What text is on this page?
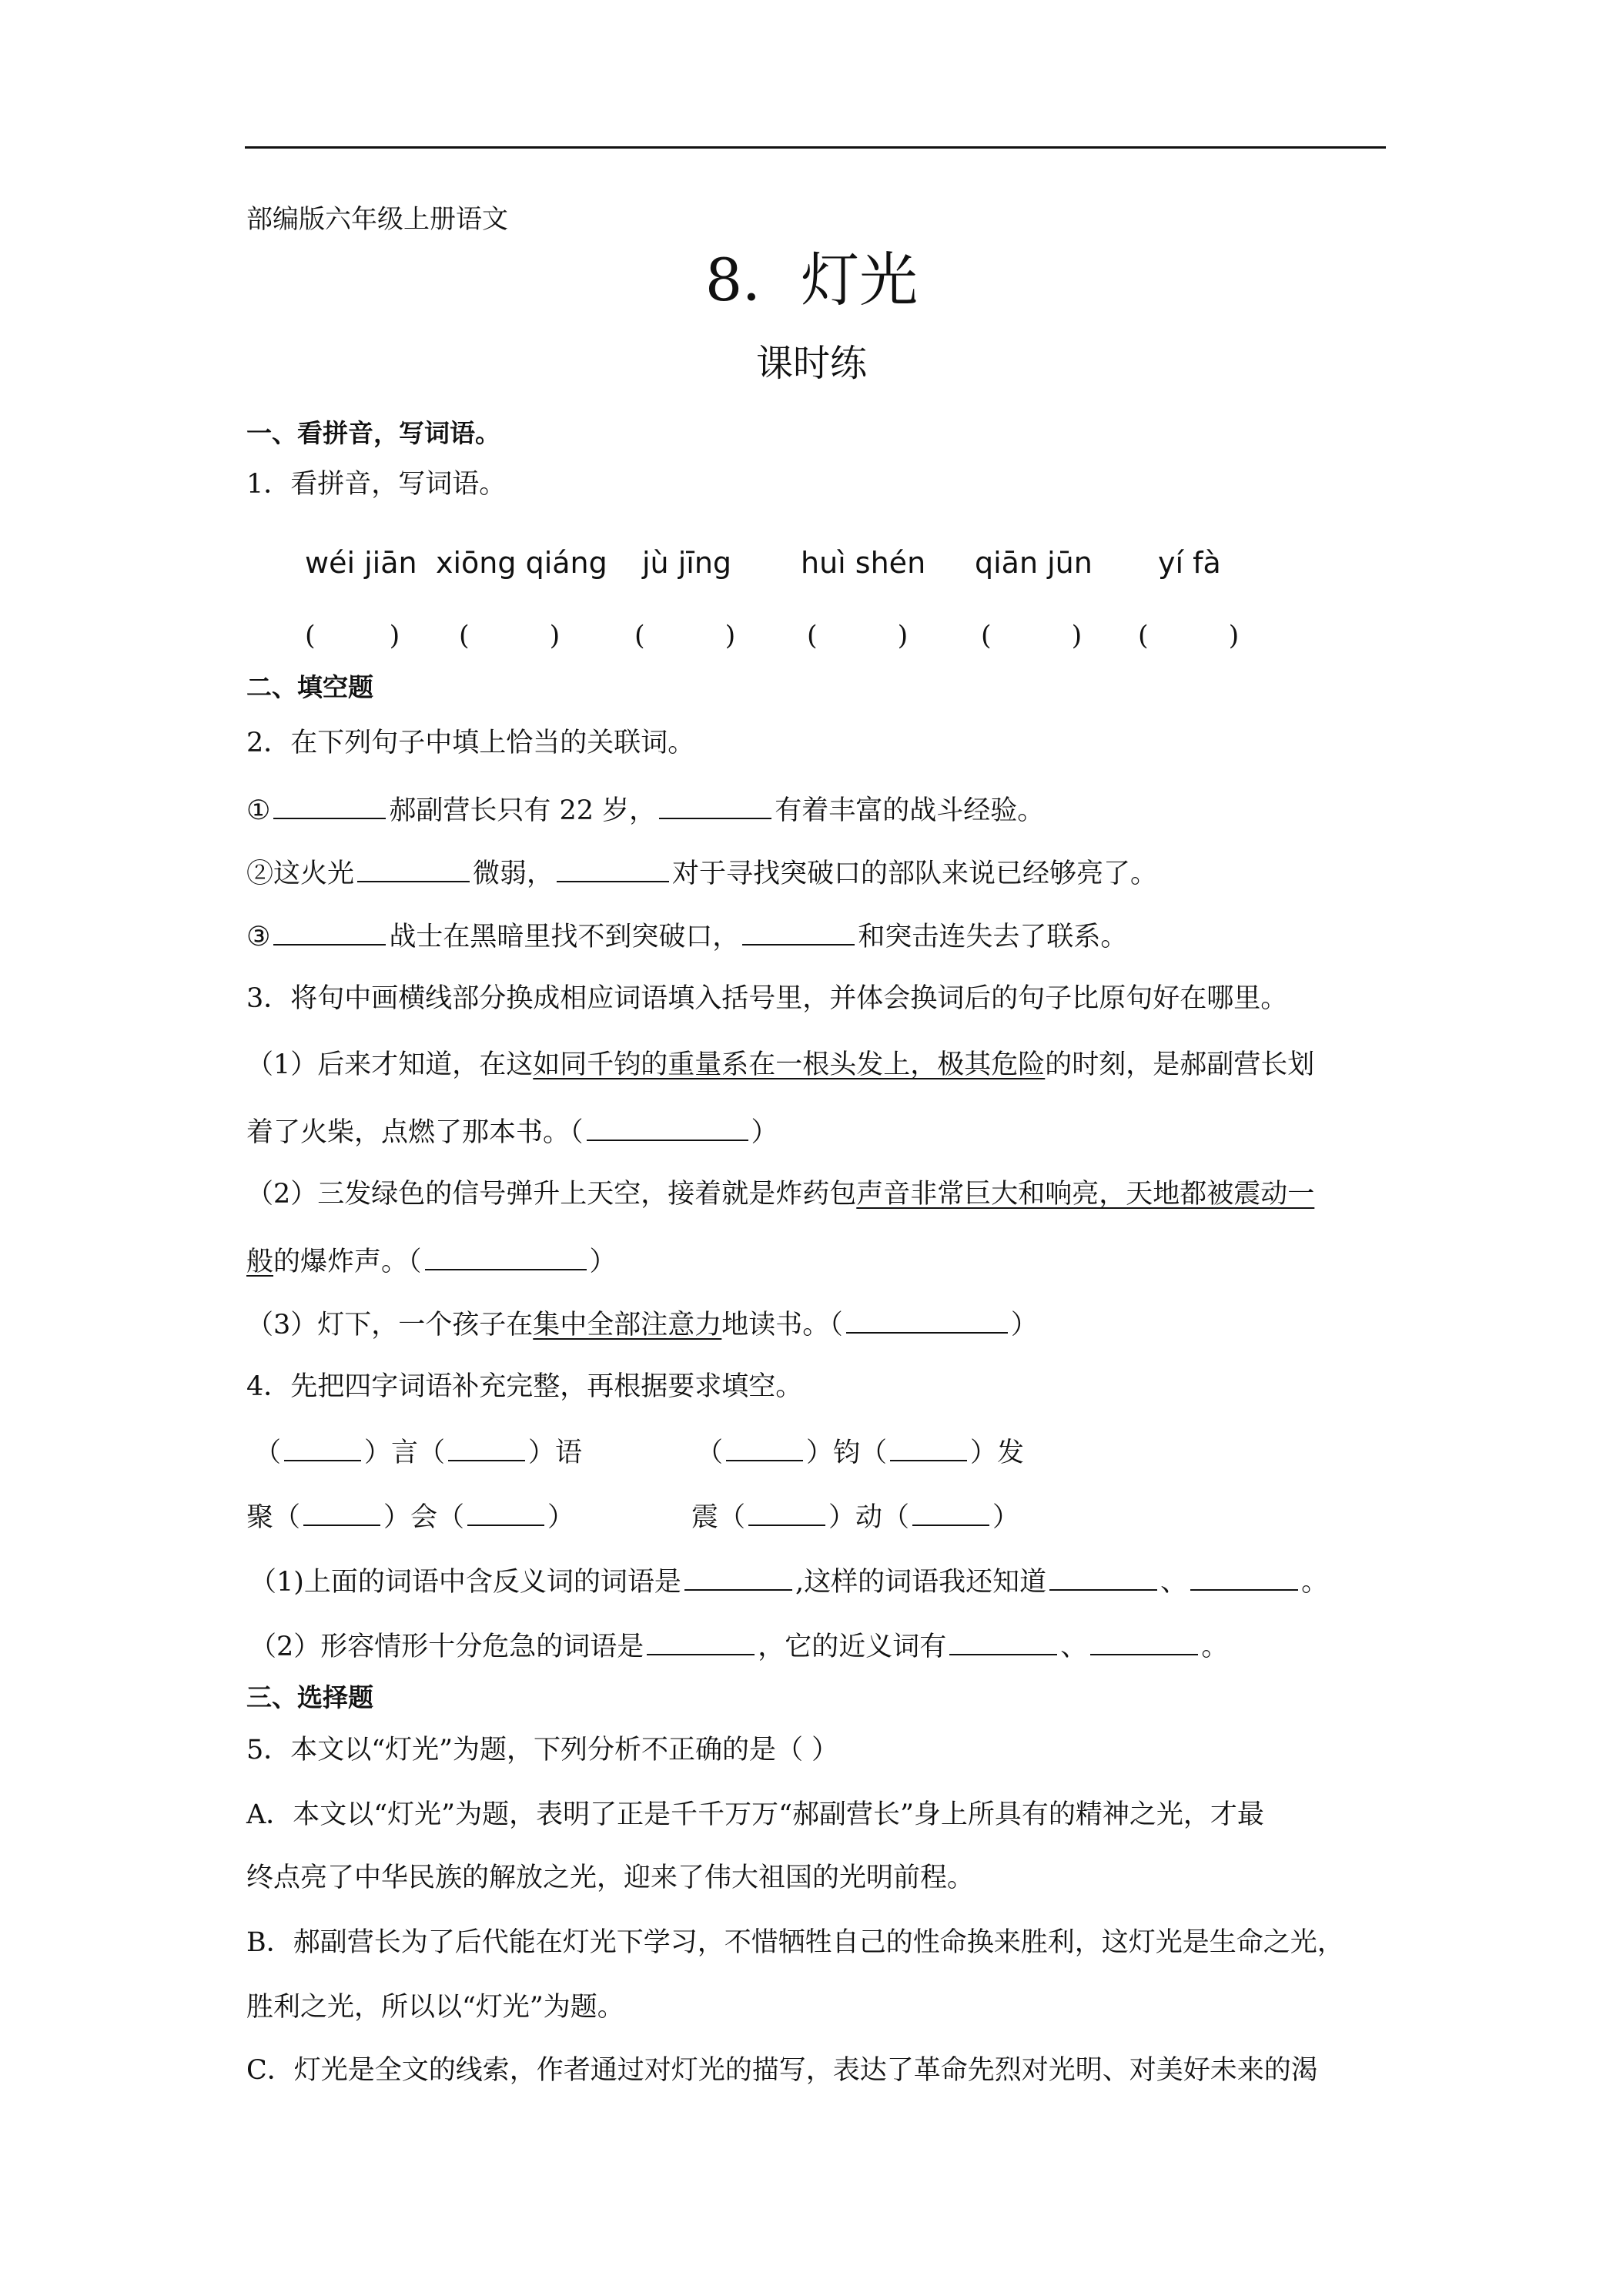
部编版六年级上册语文
8．灯光
课时练
一、看拼音，写词语。
1．看拼音，写词语。
wéi jiān xiōng qiáng jù jīng huì shén qiān jūn yí fà
(	) (	)	(	)	(	)	(	) (	)
二、填空题
2．在下列句子中填上恰当的关联词。
①	郝副营长只有 22 岁，	有着丰富的战斗经验。
②这火光	微弱，	对于寻找突破口的部队来说已经够亮了。
③	战士在黑暗里找不到突破口，	和突击连失去了联系。
3．将句中画横线部分换成相应词语填入括号里，并体会换词后的句子比原句好在哪里。
（1）后来才知道，在这如同千钧的重量系在一根头发上，极其危险的时刻，是郝副营长划
着了火柴，点燃了那本书。（	）
（2）三发绿色的信号弹升上天空，接着就是炸药包声音非常巨大和响亮，天地都被震动一
般的爆炸声。（	）
（3）灯下，一个孩子在集中全部注意力地读书。（	）
4．先把四字词语补充完整，再根据要求填空。
（	）言（	）语	（	）钧（	）发
聚（	）会（	）	震（	）动（	）
（1)上面的词语中含反义词的词语是	,这样的词语我还知道	、	。
（2）形容情形十分危急的词语是	，它的近义词有	、	。
三、选择题
5．本文以“灯光”为题，下列分析不正确的是（ ）
A．本文以“灯光”为题，表明了正是千千万万“郝副营长”身上所具有的精神之光，才最
终点亮了中华民族的解放之光，迎来了伟大祖国的光明前程。
B．郝副营长为了后代能在灯光下学习，不惜牺牲自己的性命换来胜利，这灯光是生命之光，
胜利之光，所以以“灯光”为题。
C．灯光是全文的线索，作者通过对灯光的描写，表达了革命先烈对光明、对美好未来的渴
